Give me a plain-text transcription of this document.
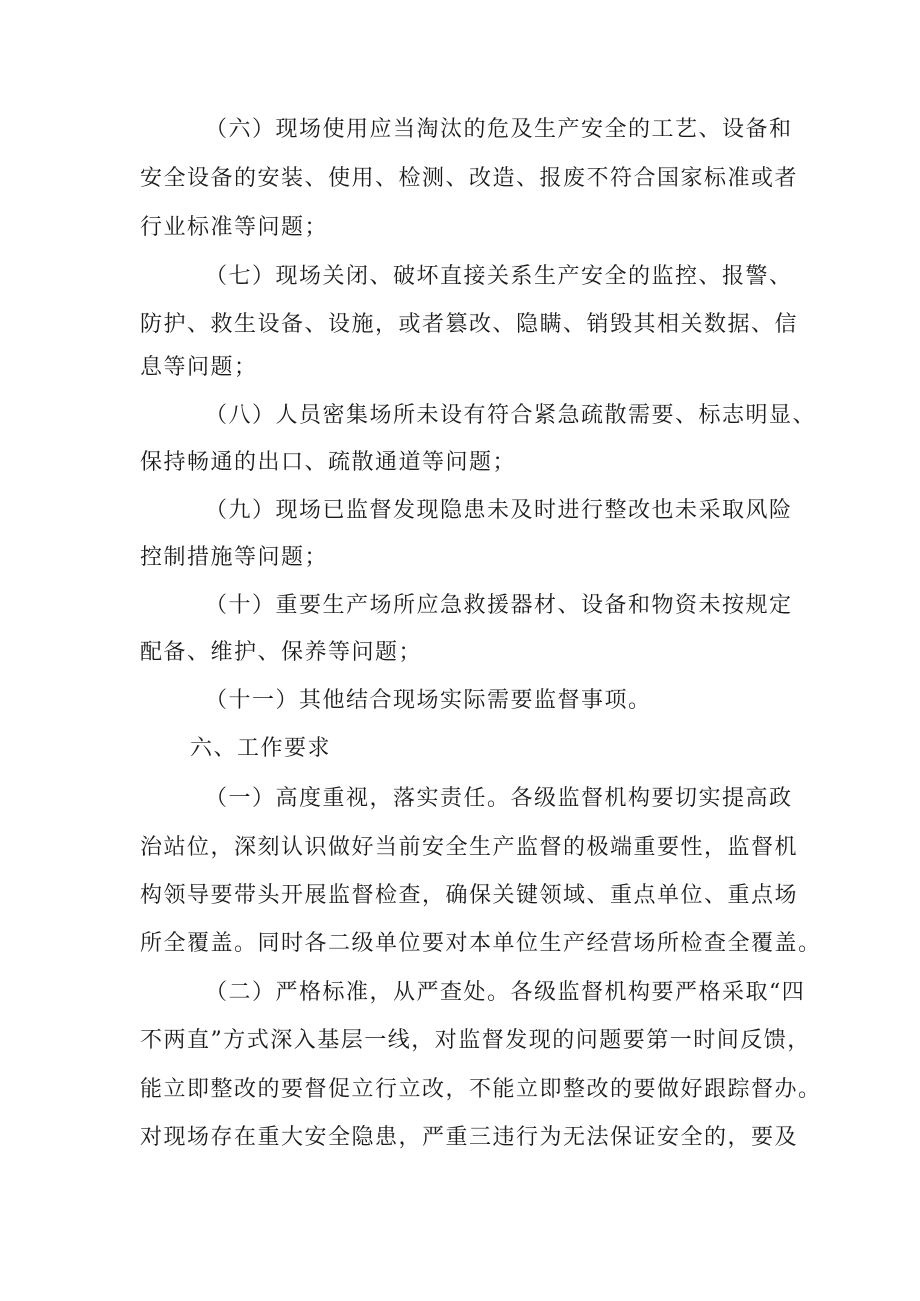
（六）现场使用应当淘汰的危及生产安全的工艺、设备和
安全设备的安装、使用、检测、改造、报废不符合国家标准或者
行业标准等问题；
（七）现场关闭、破坏直接关系生产安全的监控、报警、
防护、救生设备、设施，或者篡改、隐瞒、销毁其相关数据、信
息等问题；
（八）人员密集场所未设有符合紧急疏散需要、标志明显、
保持畅通的出口、疏散通道等问题；
（九）现场已监督发现隐患未及时进行整改也未采取风险
控制措施等问题；
（十）重要生产场所应急救援器材、设备和物资未按规定
配备、维护、保养等问题；
（十一）其他结合现场实际需要监督事项。
六、工作要求
（一）高度重视，落实责任。各级监督机构要切实提高政
治站位，深刻认识做好当前安全生产监督的极端重要性，监督机
构领导要带头开展监督检查，确保关键领域、重点单位、重点场
所全覆盖。同时各二级单位要对本单位生产经营场所检查全覆盖。
（二）严格标准，从严查处。各级监督机构要严格采取“四
不两直”方式深入基层一线，对监督发现的问题要第一时间反馈，
能立即整改的要督促立行立改，不能立即整改的要做好跟踪督办。
对现场存在重大安全隐患，严重三违行为无法保证安全的，要及
